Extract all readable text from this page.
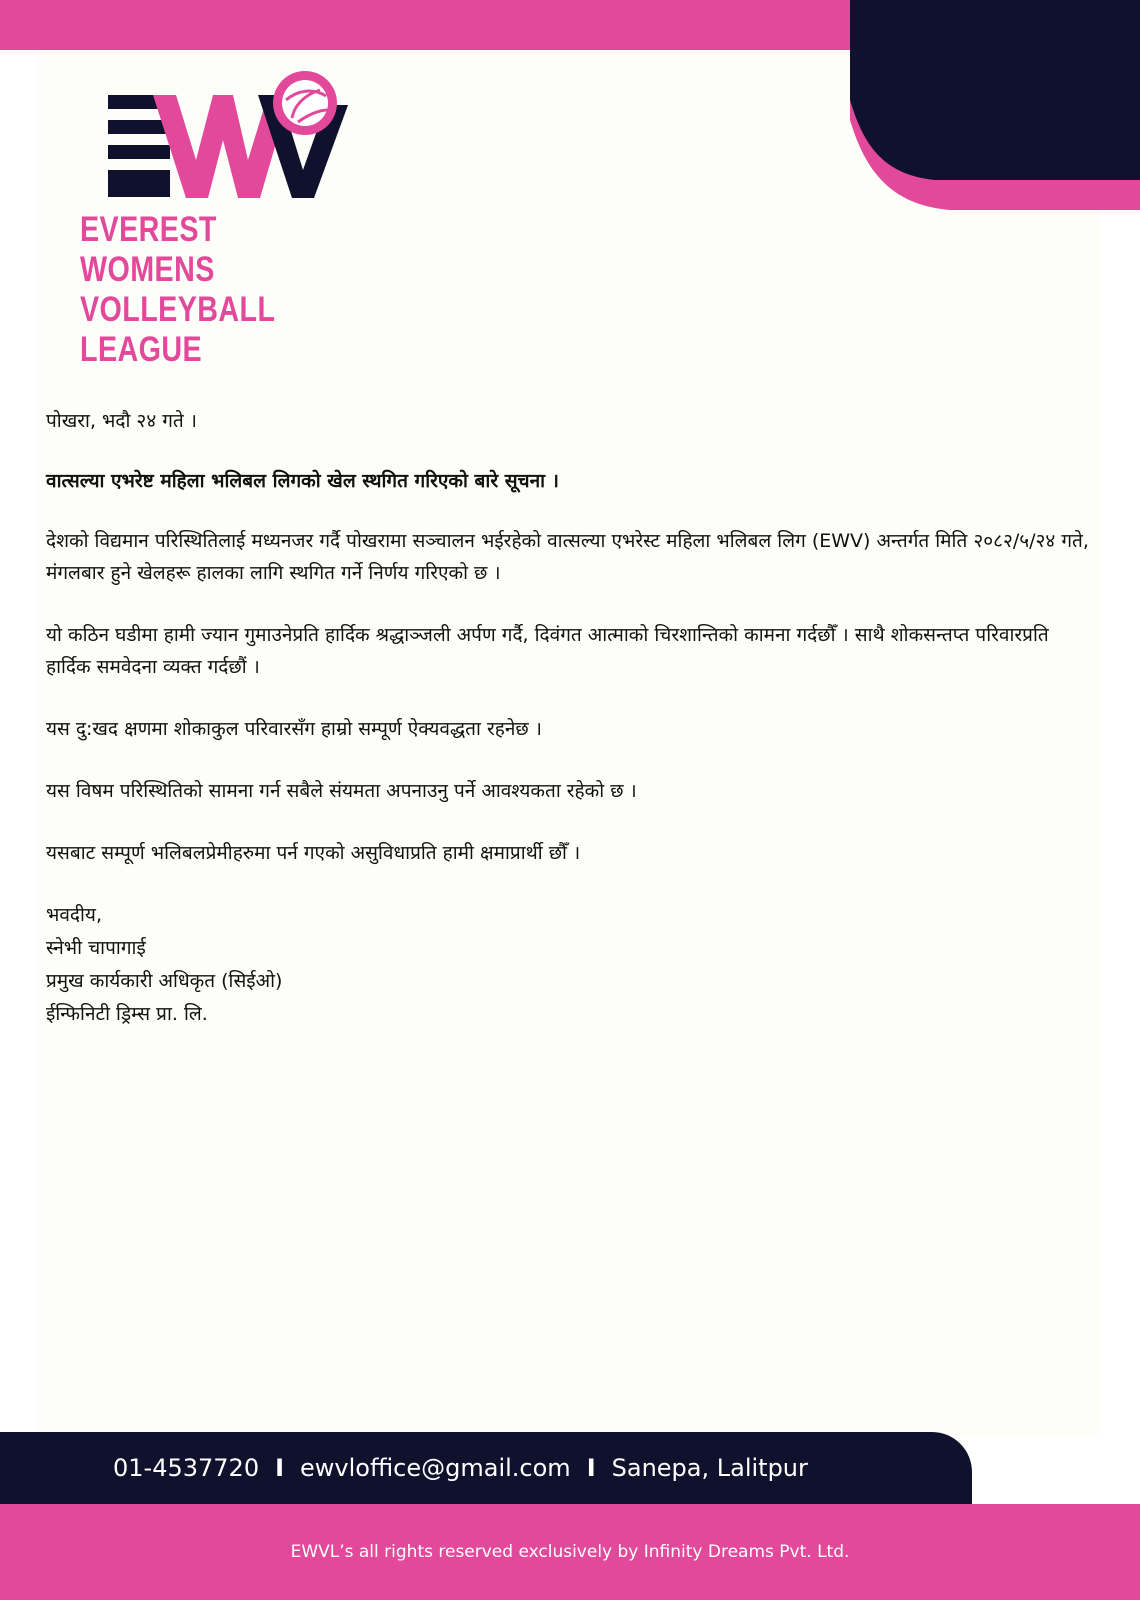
EVEREST WOMENS
VOLLEYBALL LEAGUE

पोखरा, भदौ २४ गते ।

वात्सल्या एभरेष्ट महिला भलिबल लिगको खेल स्थगित गरिएको बारे सूचना ।

देशको विद्यमान परिस्थितिलाई मध्यनजर गर्दै पोखरामा सञ्चालन भईरहेको वात्सल्या एभरेस्ट महिला भलिबल लिग (EWV) अन्तर्गत मिति २०८२/५/२४ गते, मंगलबार हुने खेलहरू हालका लागि स्थगित गर्ने निर्णय गरिएको छ ।

यो कठिन घडीमा हामी ज्यान गुमाउनेप्रति हार्दिक श्रद्धाञ्जली अर्पण गर्दै, दिवंगत आत्माको चिरशान्तिको कामना गर्दछौँ । साथै शोकसन्तप्त परिवारप्रति हार्दिक समवेदना व्यक्त गर्दछौं ।

यस दु:खद क्षणमा शोकाकुल परिवारसँग हाम्रो सम्पूर्ण ऐक्यवद्धता रहनेछ ।

यस विषम परिस्थितिको सामना गर्न सबैले संयमता अपनाउनु पर्ने आवश्यकता रहेको छ ।

यसबाट सम्पूर्ण भलिबलप्रेमीहरुमा पर्न गएको असुविधाप्रति हामी क्षमाप्रार्थी छौँ ।

भवदीय,

स्नेभी चापागाई

प्रमुख कार्यकारी अधिकृत (सिईओ)

ईन्फिनिटी ड्रिम्स प्रा. लि.

01-4537720 I ewvloffice@gmail.com I Sanepa, Lalitpur
EWVL’s all rights reserved exclusively by Infinity Dreams Pvt. Ltd.
